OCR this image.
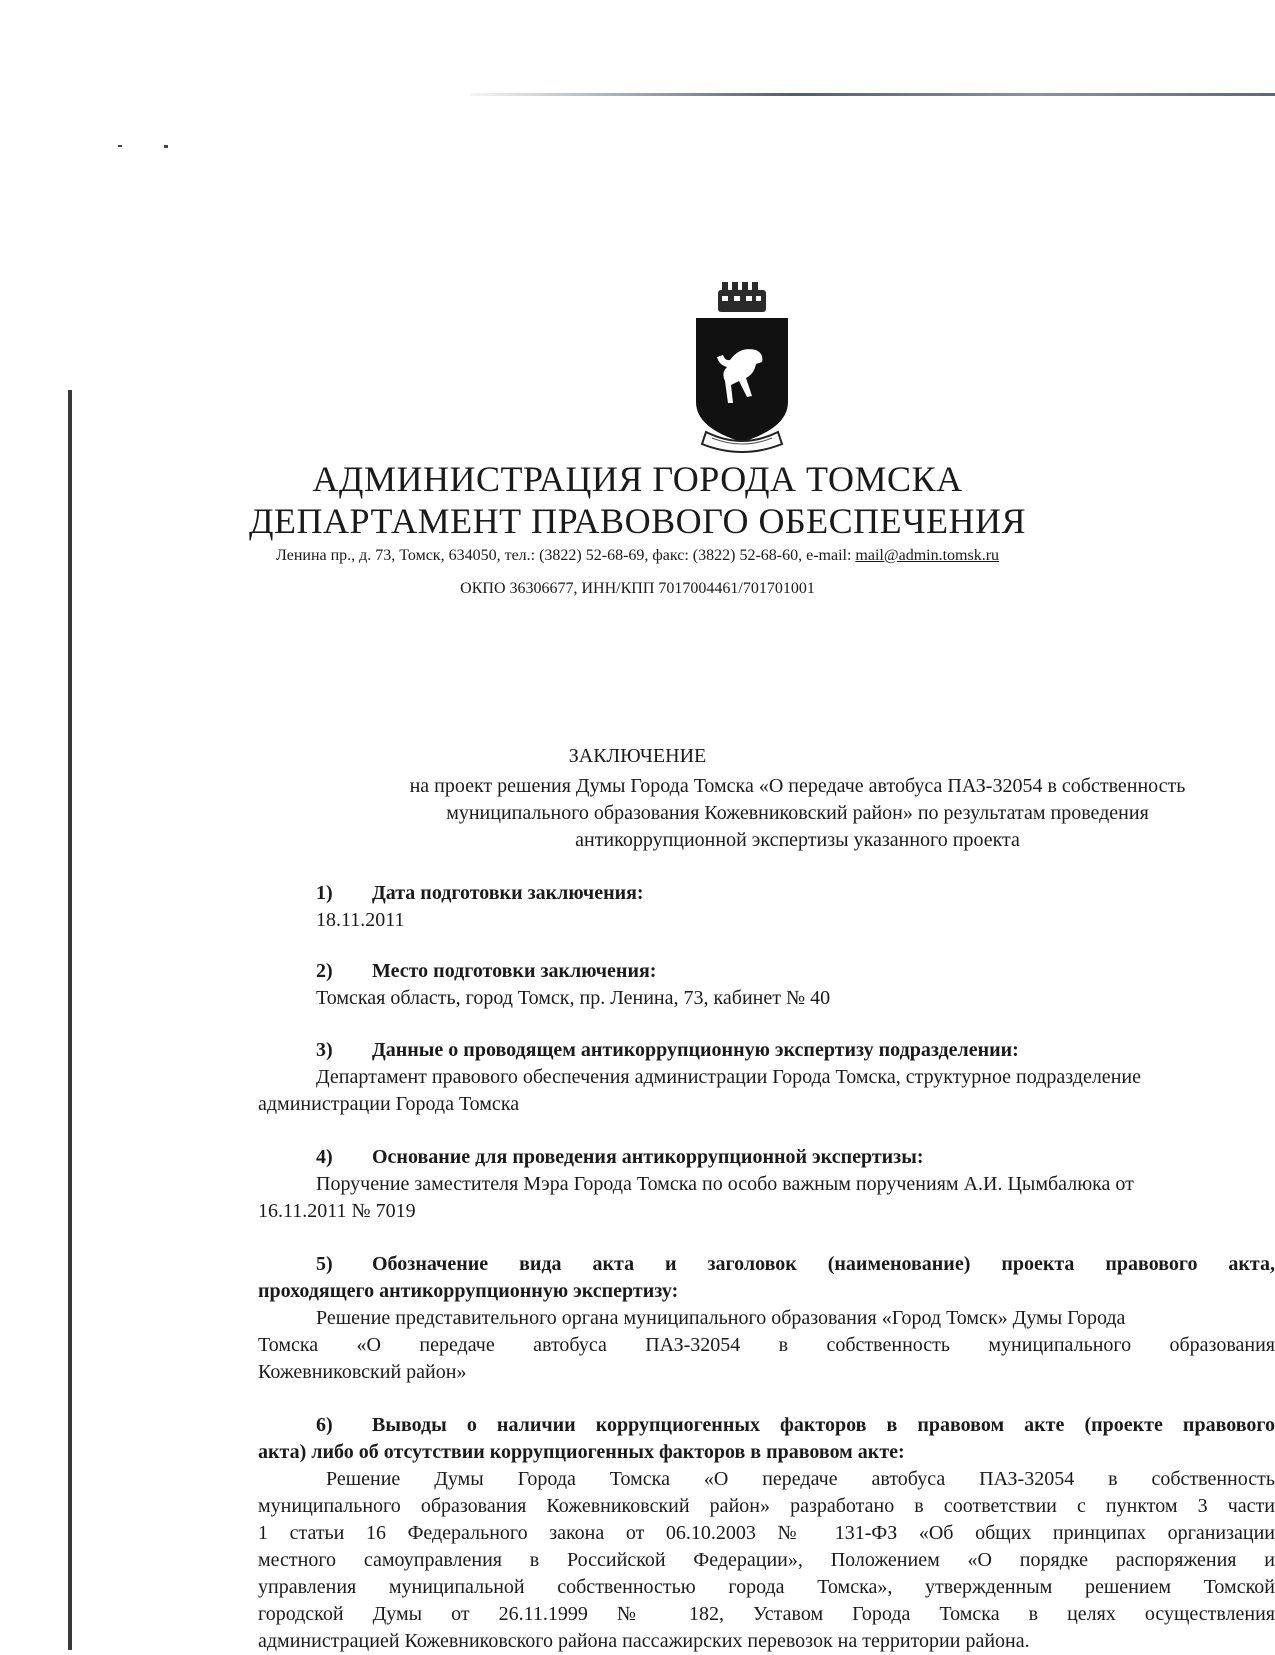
АДМИНИСТРАЦИЯ ГОРОДА ТОМСКА
ДЕПАРТАМЕНТ ПРАВОВОГО ОБЕСПЕЧЕНИЯ
Ленина пр., д. 73, Томск, 634050, тел.: (3822) 52-68-69, факс: (3822) 52-68-60, e-mail: mail@admin.tomsk.ru
ОКПО 36306677, ИНН/КПП 7017004461/701701001
ЗАКЛЮЧЕНИЕ
на проект решения Думы Города Томска «О передаче автобуса ПАЗ-32054 в собственность
муниципального образования Кожевниковский район» по результатам проведения
антикоррупционной экспертизы указанного проекта
1) Дата подготовки заключения:
18.11.2011
2) Место подготовки заключения:
Томская область, город Томск, пр. Ленина, 73, кабинет № 40
3) Данные о проводящем антикоррупционную экспертизу подразделении:
Департамент правового обеспечения администрации Города Томска, структурное подразделение
администрации Города Томска
4) Основание для проведения антикоррупционной экспертизы:
Поручение заместителя Мэра Города Томска по особо важным поручениям А.И. Цымбалюка от
16.11.2011 № 7019
5) Обозначение вида акта и заголовок (наименование) проекта правового акта,
проходящего антикоррупционную экспертизу:
Решение представительного органа муниципального образования «Город Томск» Думы Города
Томска «О передаче автобуса ПАЗ-32054 в собственность муниципального образования
Кожевниковский район»
6) Выводы о наличии коррупциогенных факторов в правовом акте (проекте правового
акта) либо об отсутствии коррупциогенных факторов в правовом акте:
Решение Думы Города Томска «О передаче автобуса ПАЗ-32054 в собственность
муниципального образования Кожевниковский район» разработано в соответствии с пунктом 3 части
1 статьи 16 Федерального закона от 06.10.2003 № 131-ФЗ «Об общих принципах организации
местного самоуправления в Российской Федерации», Положением «О порядке распоряжения и
управления муниципальной собственностью города Томска», утвержденным решением Томской
городской Думы от 26.11.1999 № 182, Уставом Города Томска в целях осуществления
администрацией Кожевниковского района пассажирских перевозок на территории района.
